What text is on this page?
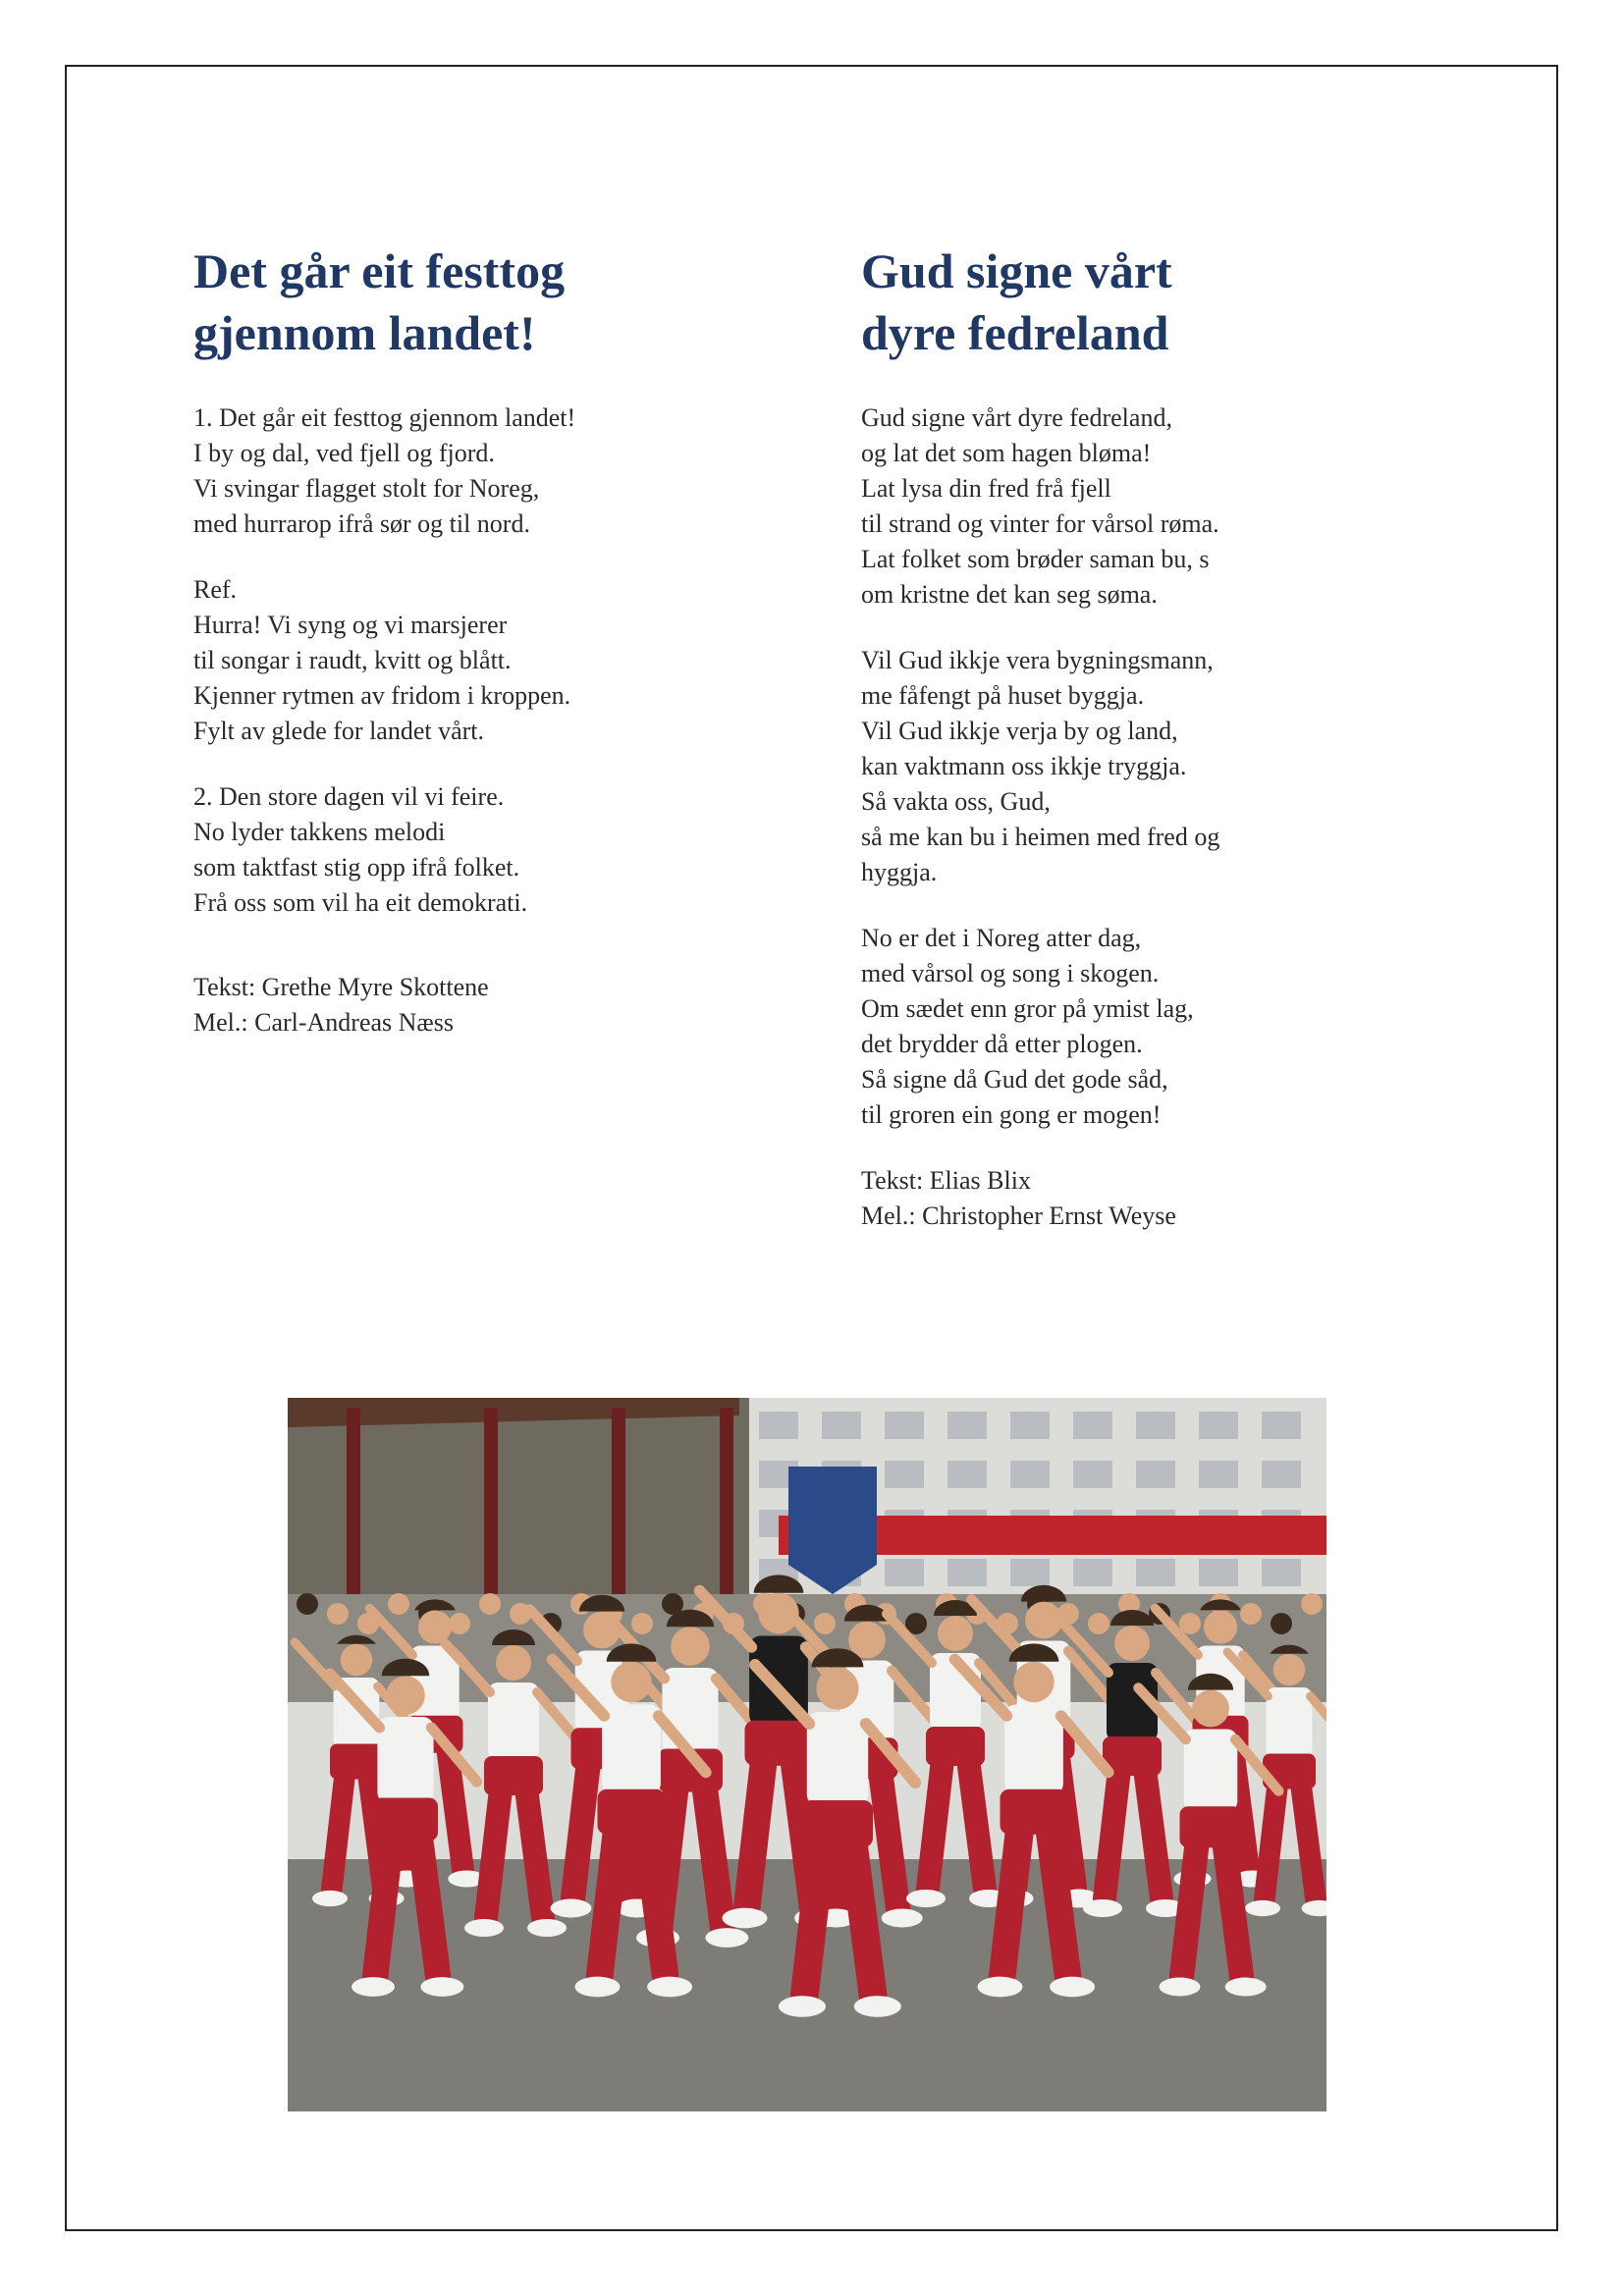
Det går eit festtog
gjennom landet!
1. Det går eit festtog gjennom landet!
I by og dal, ved fjell og fjord.
Vi svingar flagget stolt for Noreg,
med hurrarop ifrå sør og til nord.
Ref.
Hurra! Vi syng og vi marsjerer
til songar i raudt, kvitt og blått.
Kjenner rytmen av fridom i kroppen.
Fylt av glede for landet vårt.
2. Den store dagen vil vi feire.
No lyder takkens melodi
som taktfast stig opp ifrå folket.
Frå oss som vil ha eit demokrati.
Tekst: Grethe Myre Skottene
Mel.: Carl-Andreas Næss
Gud signe vårt
dyre fedreland
Gud signe vårt dyre fedreland,
og lat det som hagen bløma!
Lat lysa din fred frå fjell
til strand og vinter for vårsol røma.
Lat folket som brøder saman bu, s
om kristne det kan seg søma.
Vil Gud ikkje vera bygningsmann,
me fåfengt på huset byggja.
Vil Gud ikkje verja by og land,
kan vaktmann oss ikkje tryggja.
Så vakta oss, Gud,
så me kan bu i heimen med fred og
hyggja.
No er det i Noreg atter dag,
med vårsol og song i skogen.
Om sædet enn gror på ymist lag,
det brydder då etter plogen.
Så signe då Gud det gode såd,
til groren ein gong er mogen!
Tekst: Elias Blix
Mel.: Christopher Ernst Weyse
